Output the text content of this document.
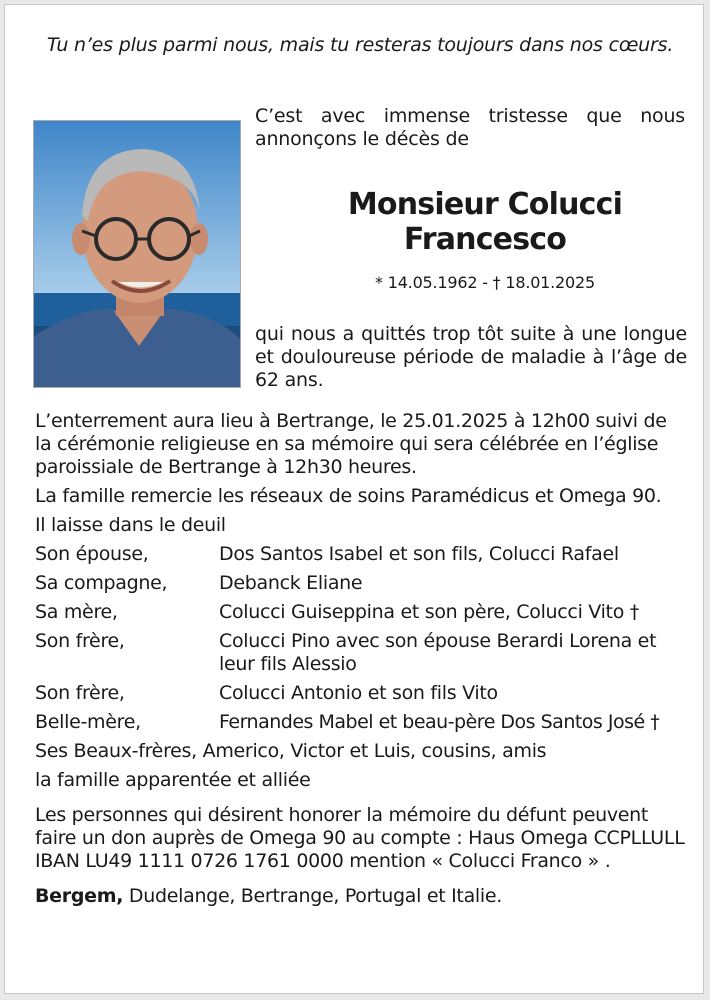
Tu n’es plus parmi nous, mais tu resteras toujours dans nos cœurs.
C’est avec immense tristesse que nous annonçons le décès de
Monsieur Colucci
Francesco
* 14.05.1962 - † 18.01.2025
qui nous a quittés trop tôt suite à une longue et douloureuse période de maladie à l’âge de 62 ans.

L’enterrement aura lieu à Bertrange, le 25.01.2025 à 12h00 suivi de la cérémonie religieuse en sa mémoire qui sera célébrée en l’église paroissiale de Bertrange à 12h30 heures.

La famille remercie les réseaux de soins Paramédicus et Omega 90.

Il laisse dans le deuil

Son épouse,	Dos Santos Isabel et son fils, Colucci Rafael
Sa compagne,	Debanck Eliane
Sa mère,	Colucci Guiseppina et son père, Colucci Vito †
Son frère,	Colucci Pino avec son épouse Berardi Lorena et leur fils Alessio
Son frère,	Colucci Antonio et son fils Vito
Belle-mère,	Fernandes Mabel et beau-père Dos Santos José †

Ses Beaux-frères, Americo, Victor et Luis, cousins, amis

la famille apparentée et alliée

Les personnes qui désirent honorer la mémoire du défunt peuvent faire un don auprès de Omega 90 au compte : Haus Omega CCPLLULL IBAN LU49 1111 0726 1761 0000 mention « Colucci Franco » .

Bergem, Dudelange, Bertrange, Portugal et Italie.
